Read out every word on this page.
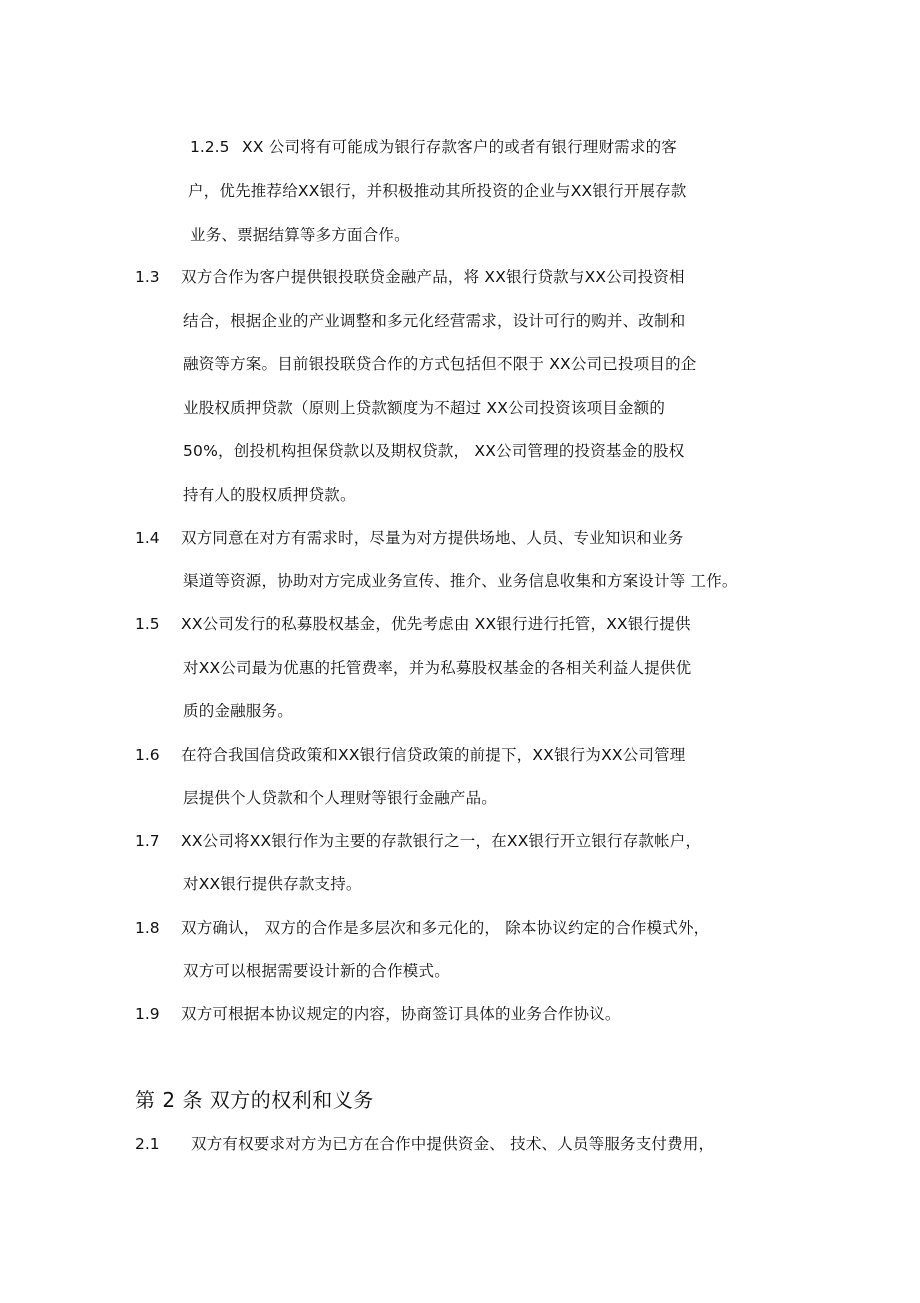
1.2.5 XX 公司将有可能成为银行存款客户的或者有银行理财需求的客
户，优先推荐给XX银行，并积极推动其所投资的企业与XX银行开展存款
业务、票据结算等多方面合作。
1.3 双方合作为客户提供银投联贷金融产品，将 XX银行贷款与XX公司投资相
结合，根据企业的产业调整和多元化经营需求，设计可行的购并、改制和
融资等方案。目前银投联贷合作的方式包括但不限于 XX公司已投项目的企
业股权质押贷款（原则上贷款额度为不超过 XX公司投资该项目金额的
50%，创投机构担保贷款以及期权贷款， XX公司管理的投资基金的股权
持有人的股权质押贷款。
1.4 双方同意在对方有需求时，尽量为对方提供场地、人员、专业知识和业务
渠道等资源，协助对方完成业务宣传、推介、业务信息收集和方案设计等 工作。
1.5 XX公司发行的私募股权基金，优先考虑由 XX银行进行托管，XX银行提供
对XX公司最为优惠的托管费率，并为私募股权基金的各相关利益人提供优
质的金融服务。
1.6 在符合我国信贷政策和XX银行信贷政策的前提下，XX银行为XX公司管理
层提供个人贷款和个人理财等银行金融产品。
1.7 XX公司将XX银行作为主要的存款银行之一，在XX银行开立银行存款帐户，
对XX银行提供存款支持。
1.8 双方确认， 双方的合作是多层次和多元化的， 除本协议约定的合作模式外，
双方可以根据需要设计新的合作模式。
1.9 双方可根据本协议规定的内容，协商签订具体的业务合作协议。
第 2 条 双方的权利和义务
2.1 双方有权要求对方为已方在合作中提供资金、 技术、人员等服务支付费用，
